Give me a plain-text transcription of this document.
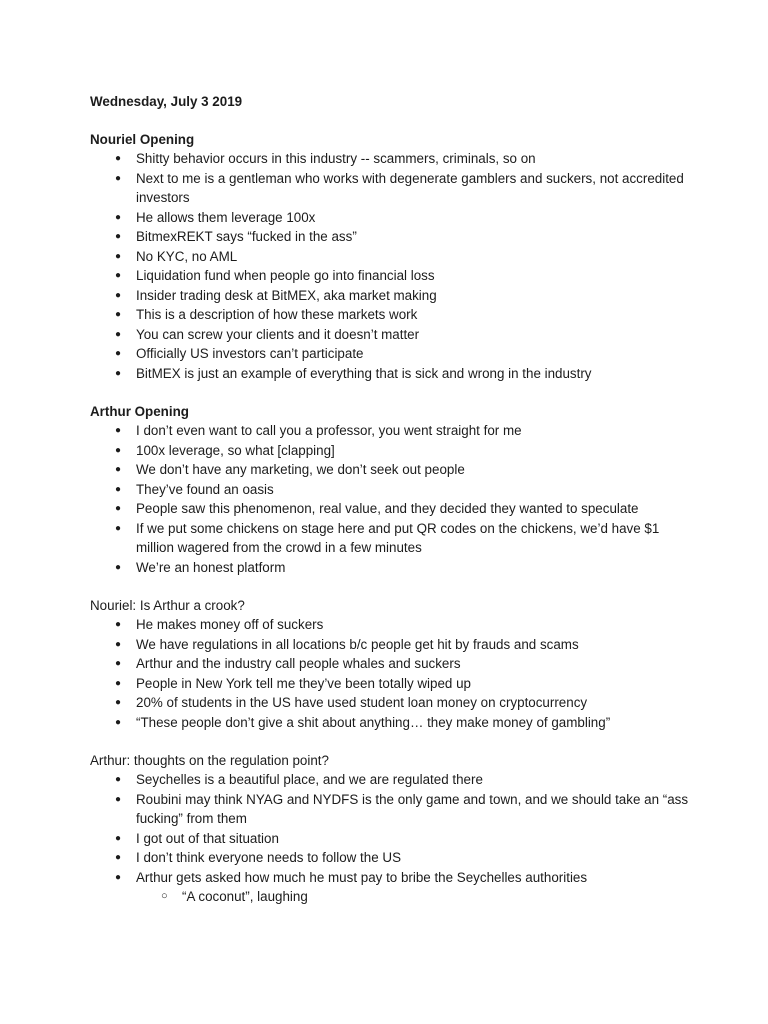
Wednesday, July 3 2019

Nouriel Opening

● Shitty behavior occurs in this industry -- scammers, criminals, so on
● Next to me is a gentleman who works with degenerate gamblers and suckers, not accredited investors
● He allows them leverage 100x
● BitmexREKT says “fucked in the ass”
● No KYC, no AML
● Liquidation fund when people go into financial loss
● Insider trading desk at BitMEX, aka market making
● This is a description of how these markets work
● You can screw your clients and it doesn’t matter
● Officially US investors can’t participate
● BitMEX is just an example of everything that is sick and wrong in the industry

Arthur Opening

● I don’t even want to call you a professor, you went straight for me
● 100x leverage, so what [clapping]
● We don’t have any marketing, we don’t seek out people
● They’ve found an oasis
● People saw this phenomenon, real value, and they decided they wanted to speculate
● If we put some chickens on stage here and put QR codes on the chickens, we’d have $1 million wagered from the crowd in a few minutes
● We’re an honest platform

Nouriel: Is Arthur a crook?

● He makes money off of suckers
● We have regulations in all locations b/c people get hit by frauds and scams
● Arthur and the industry call people whales and suckers
● People in New York tell me they’ve been totally wiped up
● 20% of students in the US have used student loan money on cryptocurrency
● “These people don’t give a shit about anything… they make money of gambling”

Arthur: thoughts on the regulation point?

● Seychelles is a beautiful place, and we are regulated there
● Roubini may think NYAG and NYDFS is the only game and town, and we should take an “ass fucking” from them
● I got out of that situation
● I don’t think everyone needs to follow the US
● Arthur gets asked how much he must pay to bribe the Seychelles authorities
○ “A coconut”, laughing
